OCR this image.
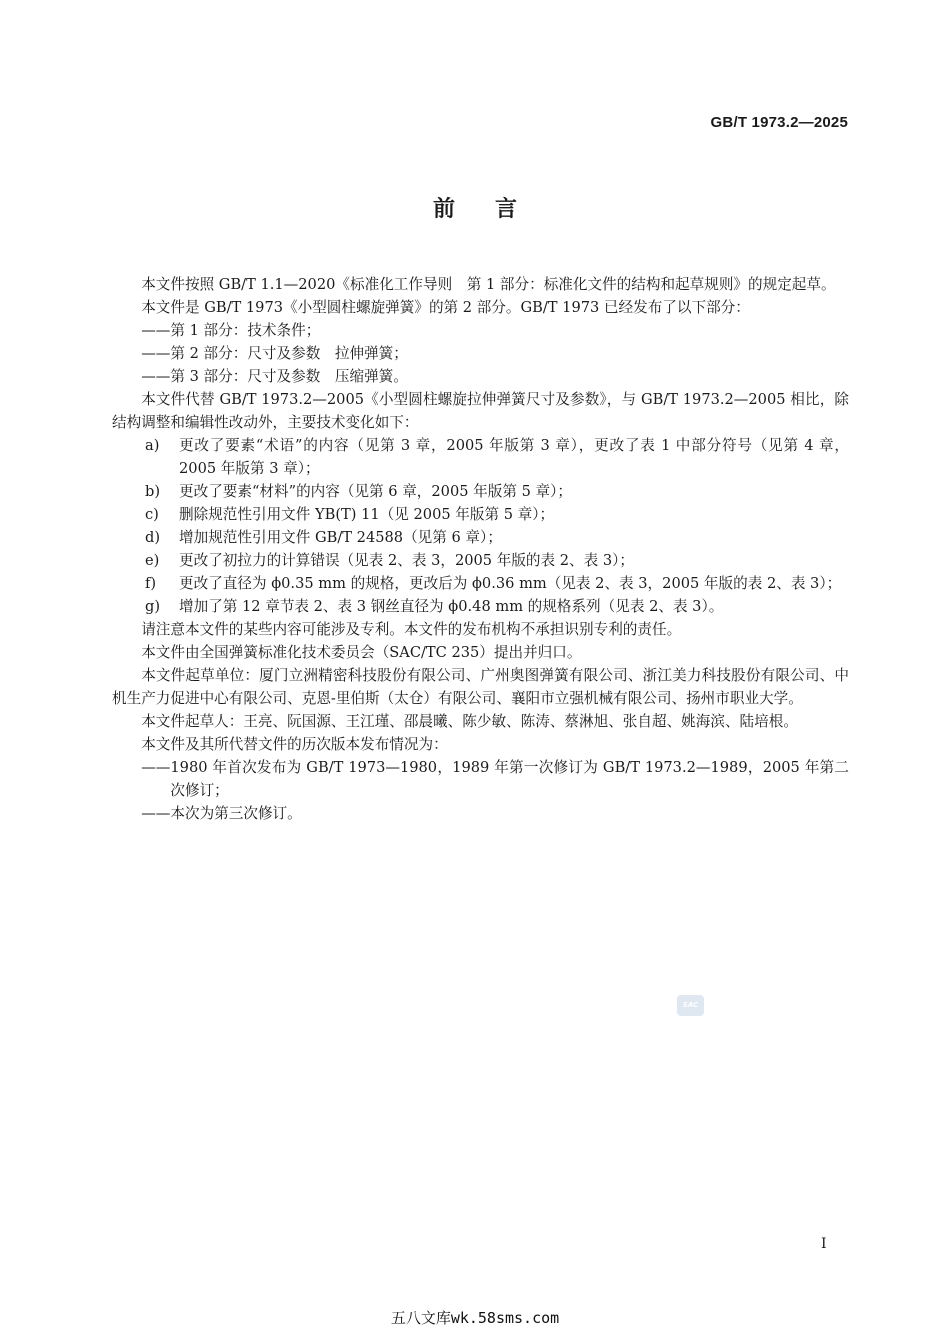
GB/T 1973.2—2025
前言

本文件按照 GB/T 1.1—2020《标准化工作导则　第 1 部分：标准化文件的结构和起草规则》的规定起草。

本文件是 GB/T 1973《小型圆柱螺旋弹簧》的第 2 部分。GB/T 1973 已经发布了以下部分：

——第 1 部分：技术条件；

——第 2 部分：尺寸及参数　拉伸弹簧；

——第 3 部分：尺寸及参数　压缩弹簧。

本文件代替 GB/T 1973.2—2005《小型圆柱螺旋拉伸弹簧尺寸及参数》，与 GB/T 1973.2—2005 相比，除结构调整和编辑性改动外，主要技术变化如下：

a)	更改了要素“术语”的内容（见第 3 章，2005 年版第 3 章），更改了表 1 中部分符号（见第 4 章，2005 年版第 3 章）；
b)	更改了要素“材料”的内容（见第 6 章，2005 年版第 5 章）；
c)	删除规范性引用文件 YB(T) 11（见 2005 年版第 5 章）；
d)	增加规范性引用文件 GB/T 24588（见第 6 章）；
e)	更改了初拉力的计算错误（见表 2、表 3，2005 年版的表 2、表 3）；
f)	更改了直径为 ϕ0.35 mm 的规格，更改后为 ϕ0.36 mm（见表 2、表 3，2005 年版的表 2、表 3）；
g)	增加了第 12 章节表 2、表 3 钢丝直径为 ϕ0.48 mm 的规格系列（见表 2、表 3）。

请注意本文件的某些内容可能涉及专利。本文件的发布机构不承担识别专利的责任。

本文件由全国弹簧标准化技术委员会（SAC/TC 235）提出并归口。

本文件起草单位：厦门立洲精密科技股份有限公司、广州奥图弹簧有限公司、浙江美力科技股份有限公司、中机生产力促进中心有限公司、克恩-里伯斯（太仓）有限公司、襄阳市立强机械有限公司、扬州市职业大学。

本文件起草人：王亮、阮国源、王江瑾、邵晨曦、陈少敏、陈涛、蔡淋旭、张自超、姚海滨、陆培根。

本文件及其所代替文件的历次版本发布情况为：

——1980 年首次发布为 GB/T 1973—1980，1989 年第一次修订为 GB/T 1973.2—1989，2005 年第二次修订；

——本次为第三次修订。

SAC
I
五八文库wk.58sms.com
